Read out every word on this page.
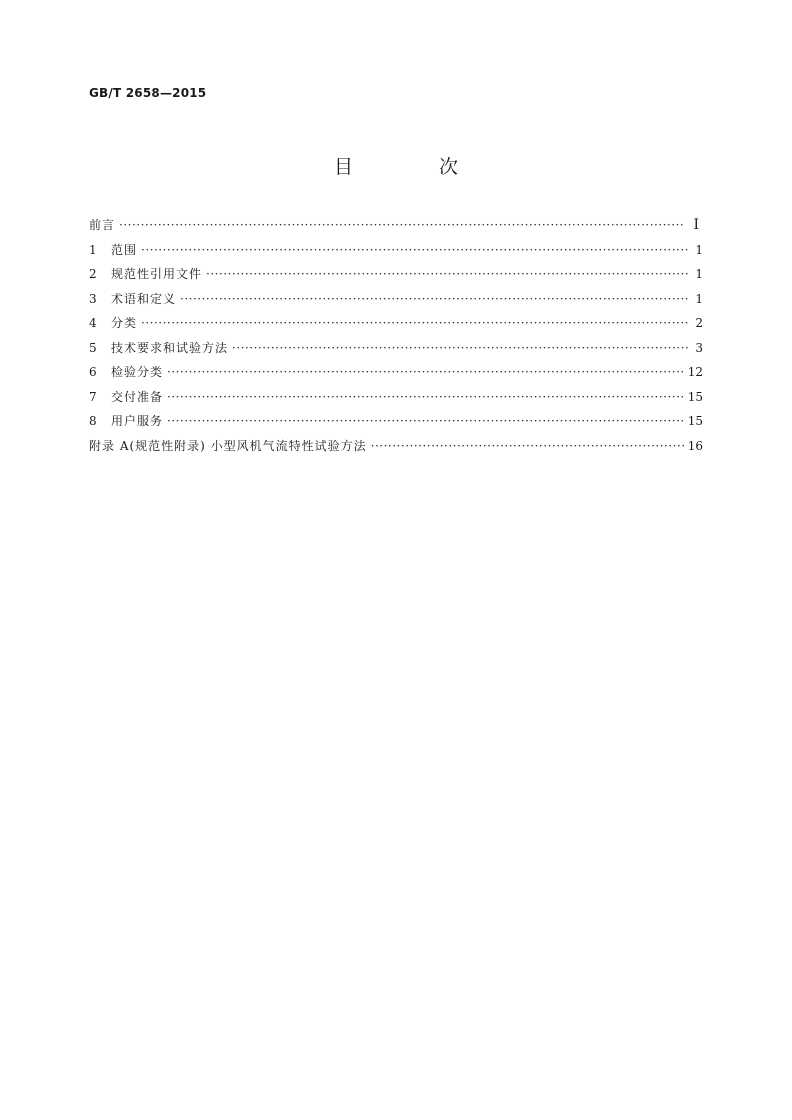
GB/T 2658—2015
目 次
前言 ·····	Ⅰ
1	范围 ·····	1
2	规范性引用文件 ·····	1
3	术语和定义 ·····	1
4	分类 ·····	2
5	技术要求和试验方法 ·····	3
6	检验分类 ·····	12
7	交付准备 ·····	15
8	用户服务 ·····	15
附录 A(规范性附录) 小型风机气流特性试验方法 ·····	16
